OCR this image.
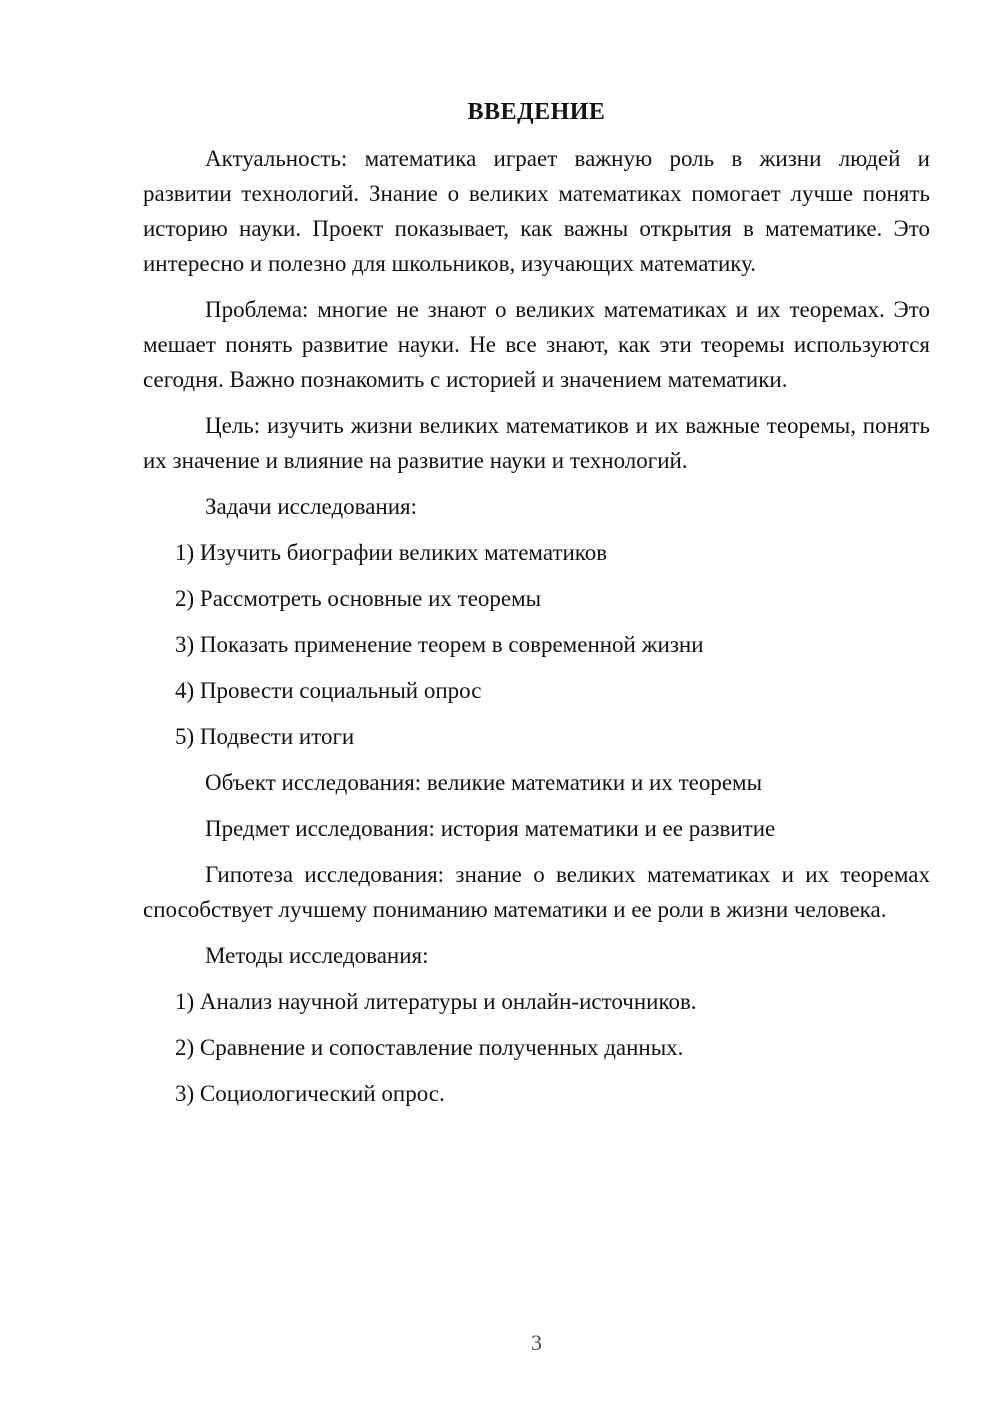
ВВЕДЕНИЕ

Актуальность: математика играет важную роль в жизни людей и развитии технологий. Знание о великих математиках помогает лучше понять историю науки. Проект показывает, как важны открытия в математике. Это интересно и полезно для школьников, изучающих математику.

Проблема: многие не знают о великих математиках и их теоремах. Это мешает понять развитие науки. Не все знают, как эти теоремы используются сегодня. Важно познакомить с историей и значением математики.

Цель: изучить жизни великих математиков и их важные теоремы, понять их значение и влияние на развитие науки и технологий.

Задачи исследования:

1) Изучить биографии великих математиков

2) Рассмотреть основные их теоремы

3) Показать применение теорем в современной жизни

4) Провести социальный опрос

5) Подвести итоги

Объект исследования: великие математики и их теоремы

Предмет исследования: история математики и ее развитие

Гипотеза исследования: знание о великих математиках и их теоремах способствует лучшему пониманию математики и ее роли в жизни человека.

Методы исследования:

1) Анализ научной литературы и онлайн-источников.

2) Сравнение и сопоставление полученных данных.

3) Социологический опрос.

3
